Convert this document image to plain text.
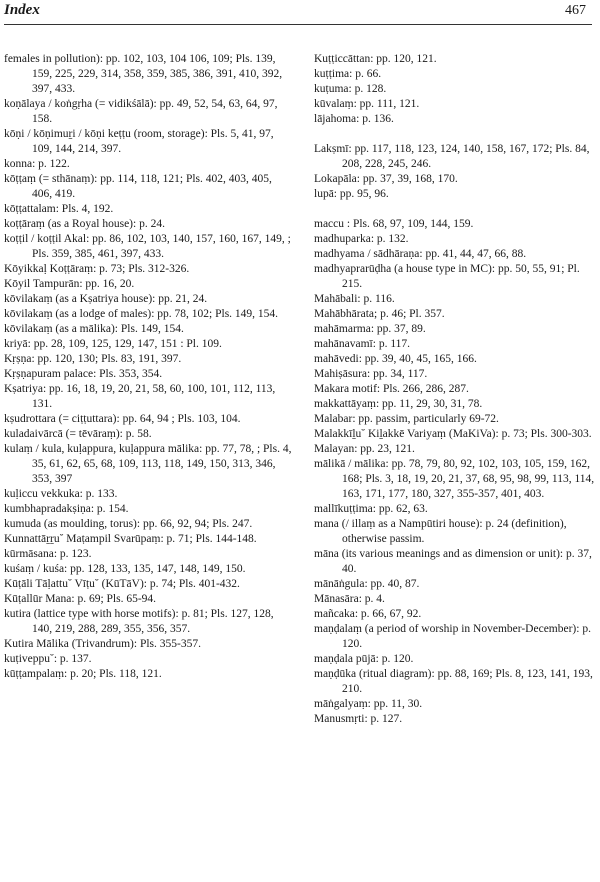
Index	467
females in pollution): pp. 102, 103, 104 106, 109; Pls. 139, 159, 225, 229, 314, 358, 359, 385, 386, 391, 410, 392, 397, 433.
koṇālaya / koṅgṛha (= vidikśālā): pp. 49, 52, 54, 63, 64, 97, 158.
kōṇi / kōṇimuṟi / kōṇi keṭṭu (room, storage): Pls. 5, 41, 97, 109, 144, 214, 397.
konna: p. 122.
kōṭṭaṃ (= sthānaṃ): pp. 114, 118, 121; Pls. 402, 403, 405, 406, 419.
kōṭṭattalam: Pls. 4, 192.
koṭṭāraṃ (as a Royal house): p. 24.
koṭṭil / koṭṭil Akal: pp. 86, 102, 103, 140, 157, 160, 167, 149, ; Pls. 359, 385, 461, 397, 433.
Kōyikkaḷ Koṭṭāraṃ: p. 73; Pls. 312-326.
Kōyil Tampurān: pp. 16, 20.
kōvilakaṃ (as a Kṣatriya house): pp. 21, 24.
kōvilakaṃ (as a lodge of males): pp. 78, 102; Pls. 149, 154.
kōvilakaṃ (as a mālika): Pls. 149, 154.
kriyā: pp. 28, 109, 125, 129, 147, 151 : Pl. 109.
Kṛṣṇa: pp. 120, 130; Pls. 83, 191, 397.
Kṛṣṇapuram palace: Pls. 353, 354.
Kṣatriya: pp. 16, 18, 19, 20, 21, 58, 60, 100, 101, 112, 113, 131.
kṣudrottara (= ciṭṭuttara): pp. 64, 94 ; Pls. 103, 104.
kuladaivārcā (= tēvāraṃ): p. 58.
kulaṃ / kula, kuḷappura, kuḷappura mālika: pp. 77, 78, ; Pls. 4, 35, 61, 62, 65, 68, 109, 113, 118, 149, 150, 313, 346, 353, 397
kuḷiccu vekkuka: p. 133.
kumbhapradakṣiṇa: p. 154.
kumuda (as moulding, torus): pp. 66, 92, 94; Pls. 247.
Kunnattāṟṟu˘ Maṭampil Svarūpaṃ: p. 71; Pls. 144-148.
kūrmāsana: p. 123.
kuśaṃ / kuśa: pp. 128, 133, 135, 147, 148, 149, 150.
Kūṭāli Tāḷattu˘ Vīṭu˘ (KūTāV): p. 74; Pls. 401-432.
Kūṭallūr Mana: p. 69; Pls. 65-94.
kutira (lattice type with horse motifs): p. 81; Pls. 127, 128, 140, 219, 288, 289, 355, 356, 357.
Kutira Mālika (Trivandrum): Pls. 355-357.
kuṭiveppu˘: p. 137.
kūṭṭampalaṃ: p. 20; Pls. 118, 121.
Kuṭṭiccāttan: pp. 120, 121.
kuṭṭima: p. 66.
kuṭuma: p. 128.
kūvalaṃ: pp. 111, 121.
lājahoma: p. 136.
Lakṣmī: pp. 117, 118, 123, 124, 140, 158, 167, 172; Pls. 84, 208, 228, 245, 246.
Lokapāla: pp. 37, 39, 168, 170.
lupā: pp. 95, 96.
maccu : Pls. 68, 97, 109, 144, 159.
madhuparka: p. 132.
madhyama / sādhāraṇa: pp. 41, 44, 47, 66, 88.
madhyaprarūḍha (a house type in MC): pp. 50, 55, 91; Pl. 215.
Mahābali: p. 116.
Mahābhārata; p. 46; Pl. 357.
mahāmarma: pp. 37, 89.
mahānavamī: p. 117.
mahāvedi: pp. 39, 40, 45, 165, 166.
Mahiṣāsura: pp. 34, 117.
Makara motif: Pls. 266, 286, 287.
makkattāyaṃ: pp. 11, 29, 30, 31, 78.
Malabar: pp. passim, particularly 69-72.
Malakkīḻu˘ Kiḻakkē Variyaṃ (MaKiVa): p. 73; Pls. 300-303.
Malayan: pp. 23, 121.
mālikā / mālika: pp. 78, 79, 80, 92, 102, 103, 105, 159, 162, 168; Pls. 3, 18, 19, 20, 21, 37, 68, 95, 98, 99, 113, 114, 163, 171, 177, 180, 327, 355-357, 401, 403.
mallīkuṭṭima: pp. 62, 63.
mana (/ illaṃ as a Nampūtiri house): p. 24 (definition), otherwise passim.
māna (its various meanings and as dimension or unit): p. 37, 40.
mānāṅgula: pp. 40, 87.
Mānasāra: p. 4.
mañcaka: p. 66, 67, 92.
maṇḍalaṃ (a period of worship in November-December): p. 120.
maṇḍala pūjā: p. 120.
maṇḍūka (ritual diagram): pp. 88, 169; Pls. 8, 123, 141, 193, 210.
māṅgalyaṃ: pp. 11, 30.
Manusmṛti: p. 127.
